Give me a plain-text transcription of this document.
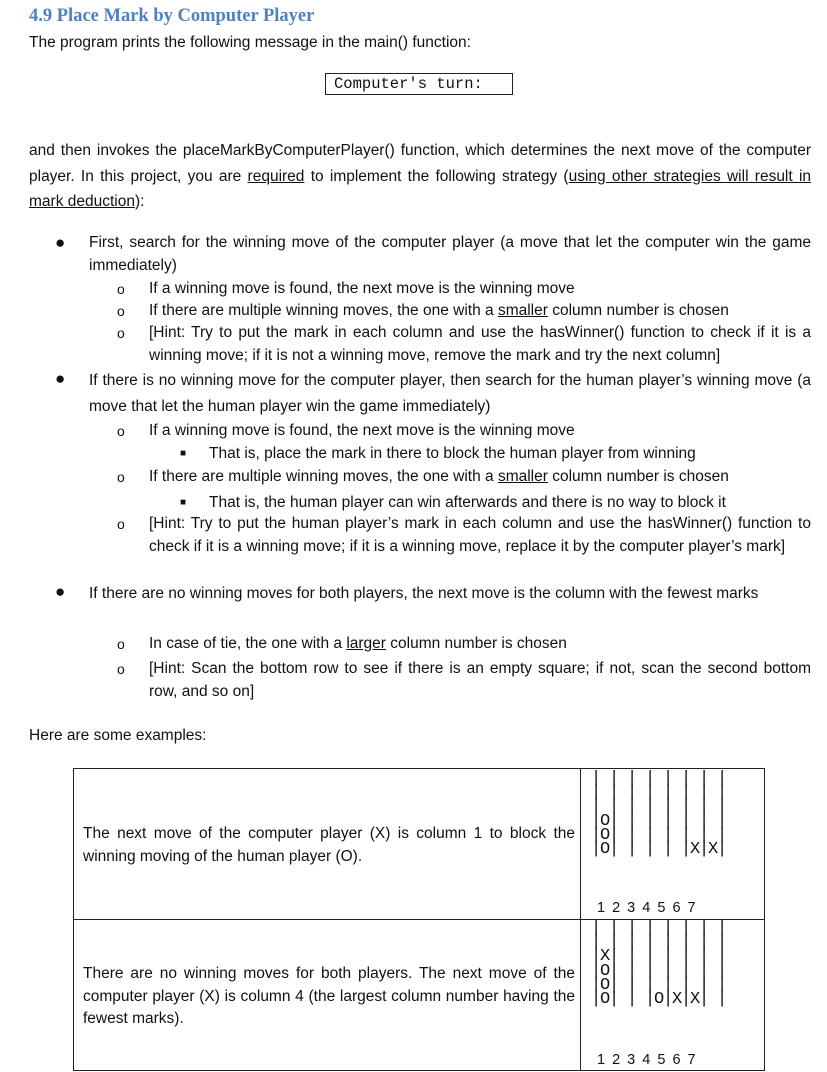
4.9 Place Mark by Computer Player

The program prints the following message in the main() function:

Computer's turn:

and then invokes the placeMarkByComputerPlayer() function, which determines the next move of the computer player. In this project, you are required to implement the following strategy (using other strategies will result in mark deduction):

● First, search for the winning move of the computer player (a move that let the computer win the game immediately)
o If a winning move is found, the next move is the winning move
o If there are multiple winning moves, the one with a smaller column number is chosen
o [Hint: Try to put the mark in each column and use the hasWinner() function to check if it is a winning move; if it is not a winning move, remove the mark and try the next column]
● If there is no winning move for the computer player, then search for the human player’s winning move (a move that let the human player win the game immediately)
o If a winning move is found, the next move is the winning move
■ That is, place the mark in there to block the human player from winning
o If there are multiple winning moves, the one with a smaller column number is chosen
■ That is, the human player can win afterwards and there is no way to block it
o [Hint: Try to put the human player’s mark in each column and use the hasWinner() function to check if it is a winning move; if it is a winning move, replace it by the computer player’s mark]
● If there are no winning moves for both players, the next move is the column with the fewest marks
o In case of tie, the one with a larger column number is chosen
o [Hint: Scan the bottom row to see if there is an empty square; if not, scan the second bottom row, and so on]

Here are some examples:

The next move of the computer player (X) is column 1 to block the winning moving of the human player (O).
| | | | | | | |
| | | | | | | |
| | | | | | | |
|O| | | | | | |
|O| | | | | | |
|O| | | | |X|X|
1 2 3 4 5 6 7
There are no winning moves for both players. The next move of the computer player (X) is column 4 (the largest column number having the fewest marks).
| | | | | | | |
| | | | | | | |
|X| | | | | | |
|O| | | | | | |
|O| | | | | | |
|O| | |O|X|X| |
1 2 3 4 5 6 7
